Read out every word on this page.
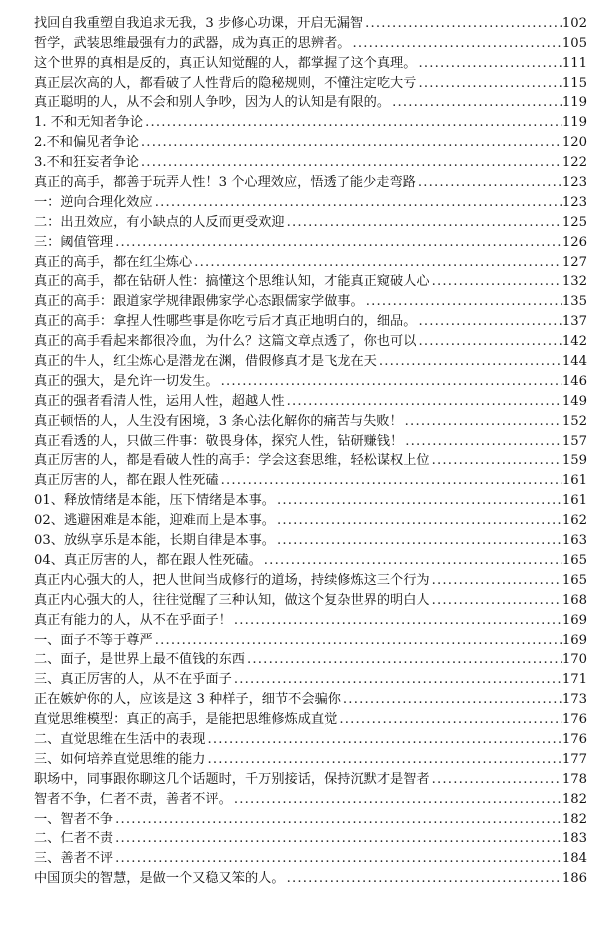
找回自我重塑自我追求无我，3 步修心功课，开启无漏智 .....	102
哲学，武装思维最强有力的武器，成为真正的思辨者。 .....	105
这个世界的真相是反的，真正认知觉醒的人，都掌握了这个真理。 .....	111
真正层次高的人，都看破了人性背后的隐秘规则，不懂注定吃大亏 .....	115
真正聪明的人，从不会和别人争吵，因为人的认知是有限的。 .....	119
1. 不和无知者争论 .....	119
2.不和偏见者争论 .....	120
3.不和狂妄者争论 .....	122
真正的高手，都善于玩弄人性！3 个心理效应，悟透了能少走弯路 .....	123
一：逆向合理化效应 .....	123
二：出丑效应，有小缺点的人反而更受欢迎 .....	125
三：阈值管理 .....	126
真正的高手，都在红尘炼心 .....	127
真正的高手，都在钻研人性：搞懂这个思维认知，才能真正窥破人心 .....	132
真正的高手：跟道家学规律跟佛家学心态跟儒家学做事。 .....	135
真正的高手：拿捏人性哪些事是你吃亏后才真正地明白的，细品。 .....	137
真正的高手看起来都很冷血，为什么？这篇文章点透了，你也可以 .....	142
真正的牛人，红尘炼心是潜龙在渊，借假修真才是飞龙在天 .....	144
真正的强大，是允许一切发生。 .....	146
真正的强者看清人性，运用人性，超越人性 .....	149
真正顿悟的人，人生没有困境，3 条心法化解你的痛苦与失败！ .....	152
真正看透的人，只做三件事：敬畏身体，探究人性，钻研赚钱！ .....	157
真正厉害的人，都是看破人性的高手：学会这套思维，轻松谋权上位 .....	159
真正厉害的人，都在跟人性死磕 .....	161
01、释放情绪是本能，压下情绪是本事。 .....	161
02、逃避困难是本能，迎难而上是本事。 .....	162
03、放纵享乐是本能，长期自律是本事。 .....	163
04、真正厉害的人，都在跟人性死磕。 .....	165
真正内心强大的人，把人世间当成修行的道场，持续修炼这三个行为 .....	165
真正内心强大的人，往往觉醒了三种认知，做这个复杂世界的明白人 .....	168
真正有能力的人，从不在乎面子！ .....	169
一、面子不等于尊严 .....	169
二、面子，是世界上最不值钱的东西 .....	170
三、真正厉害的人，从不在乎面子 .....	171
正在嫉妒你的人，应该是这 3 种样子，细节不会骗你 .....	173
直觉思维模型：真正的高手，是能把思维修炼成直觉 .....	176
二、直觉思维在生活中的表现 .....	176
三、如何培养直觉思维的能力 .....	177
职场中，同事跟你聊这几个话题时，千万别接话，保持沉默才是智者 .....	178
智者不争，仁者不责，善者不评。 .....	182
一、智者不争 .....	182
二、仁者不责 .....	183
三、善者不评 .....	184
中国顶尖的智慧，是做一个又稳又笨的人。 .....	186
